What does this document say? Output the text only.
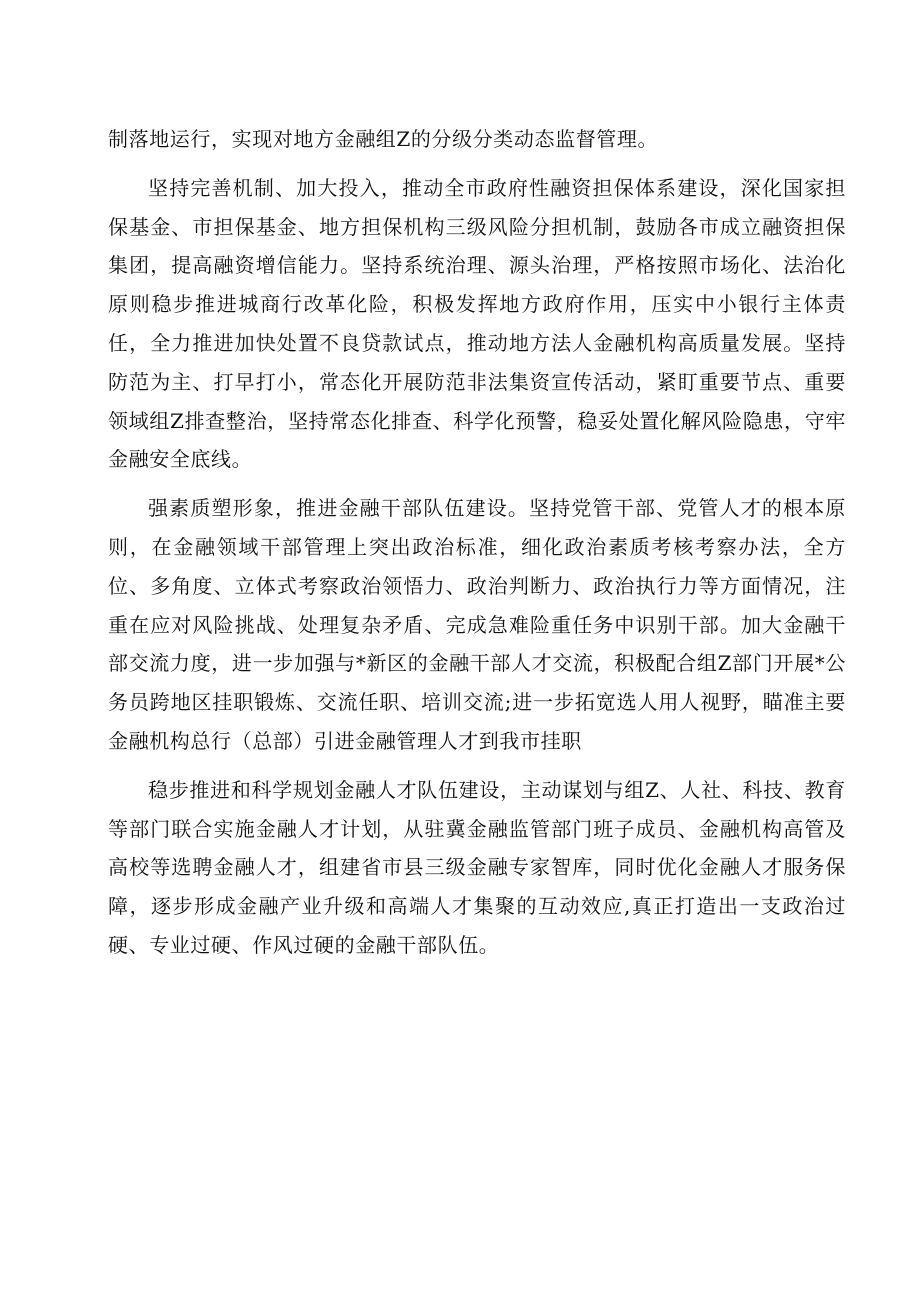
制落地运行，实现对地方金融组Z的分级分类动态监督管理。

坚持完善机制、加大投入，推动全市政府性融资担保体系建设，深化国家担保基金、市担保基金、地方担保机构三级风险分担机制，鼓励各市成立融资担保集团，提高融资增信能力。坚持系统治理、源头治理，严格按照市场化、法治化原则稳步推进城商行改革化险，积极发挥地方政府作用，压实中小银行主体责任，全力推进加快处置不良贷款试点，推动地方法人金融机构高质量发展。坚持防范为主、打早打小，常态化开展防范非法集资宣传活动，紧盯重要节点、重要领域组Z排查整治，坚持常态化排查、科学化预警，稳妥处置化解风险隐患，守牢金融安全底线。

强素质塑形象，推进金融干部队伍建设。坚持党管干部、党管人才的根本原则，在金融领域干部管理上突出政治标准，细化政治素质考核考察办法，全方位、多角度、立体式考察政治领悟力、政治判断力、政治执行力等方面情况，注重在应对风险挑战、处理复杂矛盾、完成急难险重任务中识别干部。加大金融干部交流力度，进一步加强与*新区的金融干部人才交流，积极配合组Z部门开展*公务员跨地区挂职锻炼、交流任职、培训交流;进一步拓宽选人用人视野，瞄准主要金融机构总行（总部）引进金融管理人才到我市挂职

稳步推进和科学规划金融人才队伍建设，主动谋划与组Z、人社、科技、教育等部门联合实施金融人才计划，从驻冀金融监管部门班子成员、金融机构高管及高校等选聘金融人才，组建省市县三级金融专家智库，同时优化金融人才服务保障，逐步形成金融产业升级和高端人才集聚的互动效应,真正打造出一支政治过硬、专业过硬、作风过硬的金融干部队伍。
